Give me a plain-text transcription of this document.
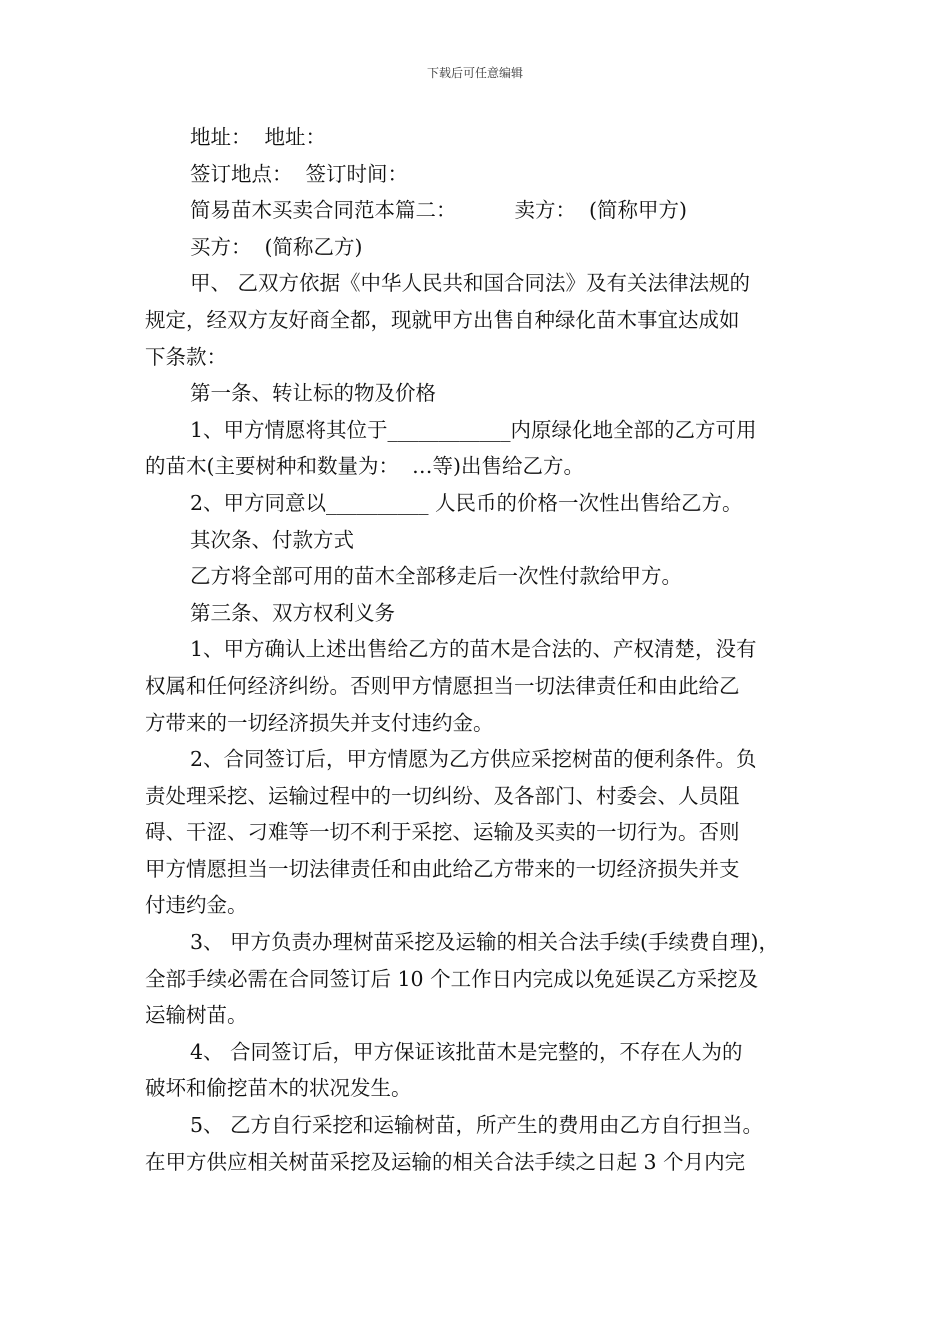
下载后可任意编辑
地址：  地址：
签订地点：  签订时间：
简易苗木买卖合同范本篇二：	卖方：  (简称甲方)
买方：  (简称乙方)
甲、 乙双方依据《中华人民共和国合同法》及有关法律法规的
规定，经双方友好商全都，现就甲方出售自种绿化苗木事宜达成如
下条款：
第一条、转让标的物及价格
1、甲方情愿将其位于____________内原绿化地全部的乙方可用
的苗木(主要树种和数量为：  …等)出售给乙方。
2、甲方同意以__________ 人民币的价格一次性出售给乙方。
其次条、付款方式
乙方将全部可用的苗木全部移走后一次性付款给甲方。
第三条、双方权利义务
1、甲方确认上述出售给乙方的苗木是合法的、产权清楚，没有
权属和任何经济纠纷。否则甲方情愿担当一切法律责任和由此给乙
方带来的一切经济损失并支付违约金。
2、合同签订后，甲方情愿为乙方供应采挖树苗的便利条件。负
责处理采挖、运输过程中的一切纠纷、及各部门、村委会、人员阻
碍、干涩、刁难等一切不利于采挖、运输及买卖的一切行为。否则
甲方情愿担当一切法律责任和由此给乙方带来的一切经济损失并支
付违约金。
3、 甲方负责办理树苗采挖及运输的相关合法手续(手续费自理)，
全部手续必需在合同签订后 10 个工作日内完成以免延误乙方采挖及
运输树苗。
4、 合同签订后，甲方保证该批苗木是完整的，不存在人为的
破坏和偷挖苗木的状况发生。
5、 乙方自行采挖和运输树苗，所产生的费用由乙方自行担当。
在甲方供应相关树苗采挖及运输的相关合法手续之日起 3 个月内完
